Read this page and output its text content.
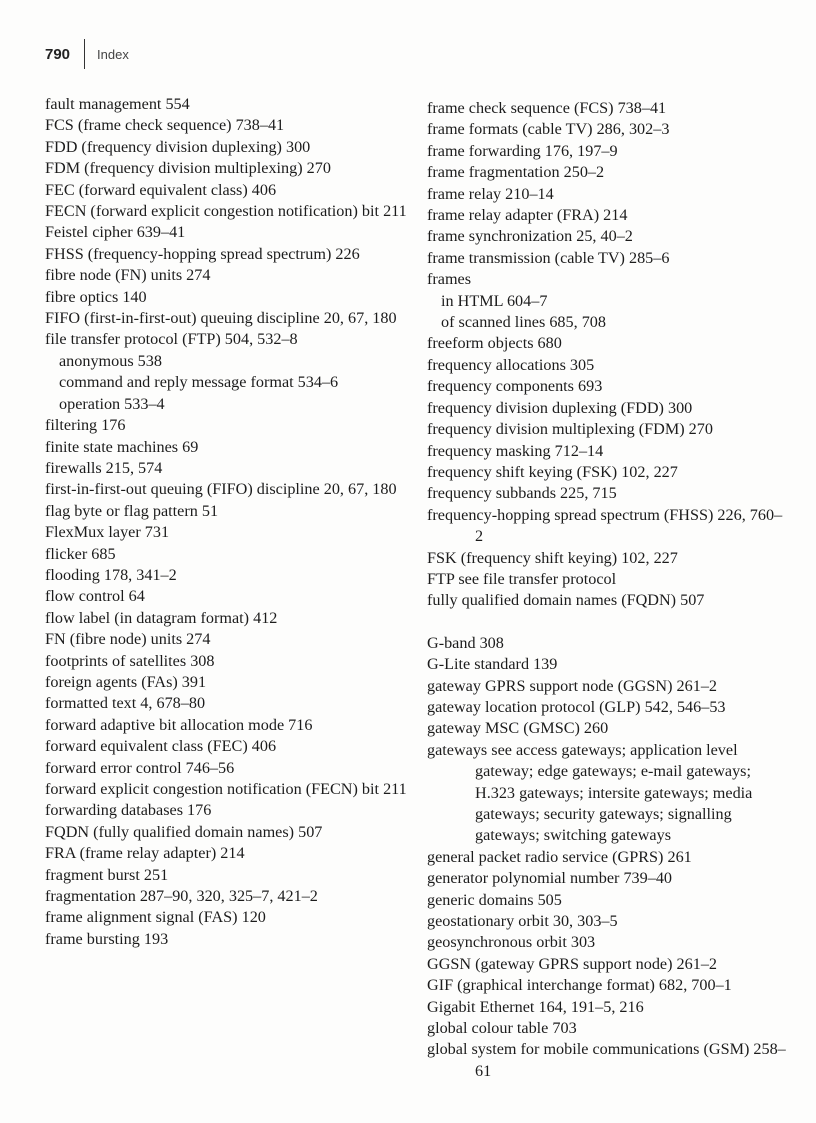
790 Index
fault management 554
FCS (frame check sequence) 738–41
FDD (frequency division duplexing) 300
FDM (frequency division multiplexing) 270
FEC (forward equivalent class) 406
FECN (forward explicit congestion notification) bit 211
Feistel cipher 639–41
FHSS (frequency-hopping spread spectrum) 226
fibre node (FN) units 274
fibre optics 140
FIFO (first-in-first-out) queuing discipline 20, 67, 180
file transfer protocol (FTP) 504, 532–8
anonymous 538
command and reply message format 534–6
operation 533–4
filtering 176
finite state machines 69
firewalls 215, 574
first-in-first-out queuing (FIFO) discipline 20, 67, 180
flag byte or flag pattern 51
FlexMux layer 731
flicker 685
flooding 178, 341–2
flow control 64
flow label (in datagram format) 412
FN (fibre node) units 274
footprints of satellites 308
foreign agents (FAs) 391
formatted text 4, 678–80
forward adaptive bit allocation mode 716
forward equivalent class (FEC) 406
forward error control 746–56
forward explicit congestion notification (FECN) bit 211
forwarding databases 176
FQDN (fully qualified domain names) 507
FRA (frame relay adapter) 214
fragment burst 251
fragmentation 287–90, 320, 325–7, 421–2
frame alignment signal (FAS) 120
frame bursting 193
frame check sequence (FCS) 738–41
frame formats (cable TV) 286, 302–3
frame forwarding 176, 197–9
frame fragmentation 250–2
frame relay 210–14
frame relay adapter (FRA) 214
frame synchronization 25, 40–2
frame transmission (cable TV) 285–6
frames
in HTML 604–7
of scanned lines 685, 708
freeform objects 680
frequency allocations 305
frequency components 693
frequency division duplexing (FDD) 300
frequency division multiplexing (FDM) 270
frequency masking 712–14
frequency shift keying (FSK) 102, 227
frequency subbands 225, 715
frequency-hopping spread spectrum (FHSS) 226, 760–2
FSK (frequency shift keying) 102, 227
FTP see file transfer protocol
fully qualified domain names (FQDN) 507
G-band 308
G-Lite standard 139
gateway GPRS support node (GGSN) 261–2
gateway location protocol (GLP) 542, 546–53
gateway MSC (GMSC) 260
gateways see access gateways; application level gateway; edge gateways; e-mail gateways; H.323 gateways; intersite gateways; media gateways; security gateways; signalling gateways; switching gateways
general packet radio service (GPRS) 261
generator polynomial number 739–40
generic domains 505
geostationary orbit 30, 303–5
geosynchronous orbit 303
GGSN (gateway GPRS support node) 261–2
GIF (graphical interchange format) 682, 700–1
Gigabit Ethernet 164, 191–5, 216
global colour table 703
global system for mobile communications (GSM) 258–61
